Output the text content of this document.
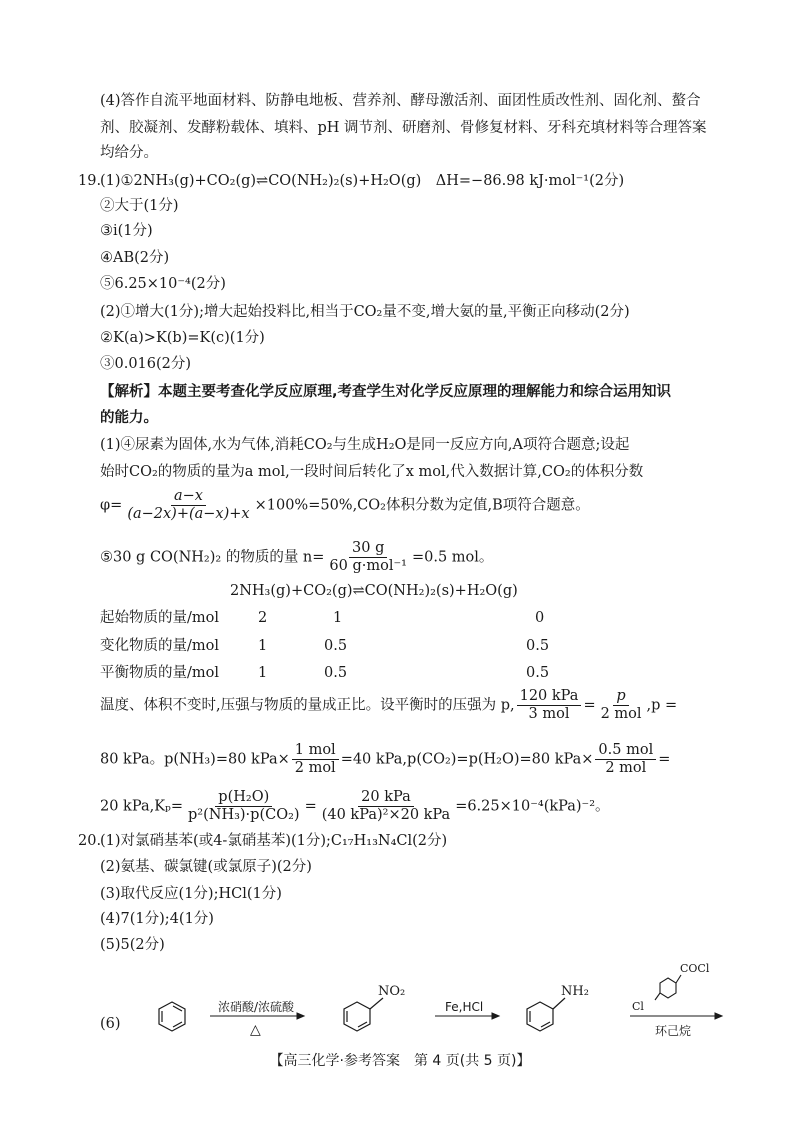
(4)答作自流平地面材料、防静电地板、营养剂、酵母激活剂、面团性质改性剂、固化剂、螯合
剂、胶凝剂、发酵粉载体、填料、pH 调节剂、研磨剂、骨修复材料、牙科充填材料等合理答案
均给分。
19.
(1)①2NH₃(g)+CO₂(g)⇌CO(NH₂)₂(s)+H₂O(g)　ΔH=−86.98 kJ·mol⁻¹(2分)
②大于(1分)
③ⅰ(1分)
④AB(2分)
⑤6.25×10⁻⁴(2分)
(2)①增大(1分);增大起始投料比,相当于CO₂量不变,增大氨的量,平衡正向移动(2分)
②K(a)>K(b)=K(c)(1分)
③0.016(2分)
【解析】本题主要考查化学反应原理,考查学生对化学反应原理的理解能力和综合运用知识
的能力。
(1)④尿素为固体,水为气体,消耗CO₂与生成H₂O是同一反应方向,A项符合题意;设起
始时CO₂的物质的量为a mol,一段时间后转化了x mol,代入数据计算,CO₂的体积分数
$\varphi= \frac{a-x}{(a-2x)+(a-x)+x} \times 100\%=50\%,CO_2$体积分数为定值,B项符合题意。
⑤30 g CO(NH₂)₂ 的物质的量 $n= \frac{30 g}{\text{60 g·mol⁻¹}} =0.5$ mol。
2NH₃(g)+CO₂(g)⇌CO(NH₂)₂(s)+H₂O(g)
起始物质的量/mol	2	1	0
变化物质的量/mol	1	0.5	0.5
平衡物质的量/mol	1	0.5	0.5
温度、体积不变时,压强与物质的量成正比。设平衡时的压强为 p, $\frac{\text{120 kPa}}{\text{3 mol}} = \frac{p}{\text{2 mol}} ,p$ =
80 kPa。p(NH₃)=80 $kPa\times \frac{\text{1 mol}}{\text{2 mol}} =40$ kPa,p(CO₂)=p(H₂O)=80 $kPa\times \frac{\text{0.5 mol}}{\text{2 mol}}$ =
20 $kPa,K_p= \frac{\text{p(H₂O)}}{\text{p²(NH₃)·p(CO₂)}} = \frac{\text{20 kPa}}{\text{(40 kPa)²×20 kPa}} =6.25\times 10^{-4}(kPa)^{-2}$。
20.
(1)对氯硝基苯(或4-氯硝基苯)(1分);C₁₇H₁₃N₄Cl(2分)
(2)氨基、碳氯键(或氯原子)(2分)
(3)取代反应(1分);HCl(1分)
(4)7(1分);4(1分)
(5)5(2分)
(6)
浓硝酸/浓硫酸
△
NO₂
Fe,HCl
NH₂
COCl
Cl
环己烷
【高三化学·参考答案　第 4 页(共 5 页)】
